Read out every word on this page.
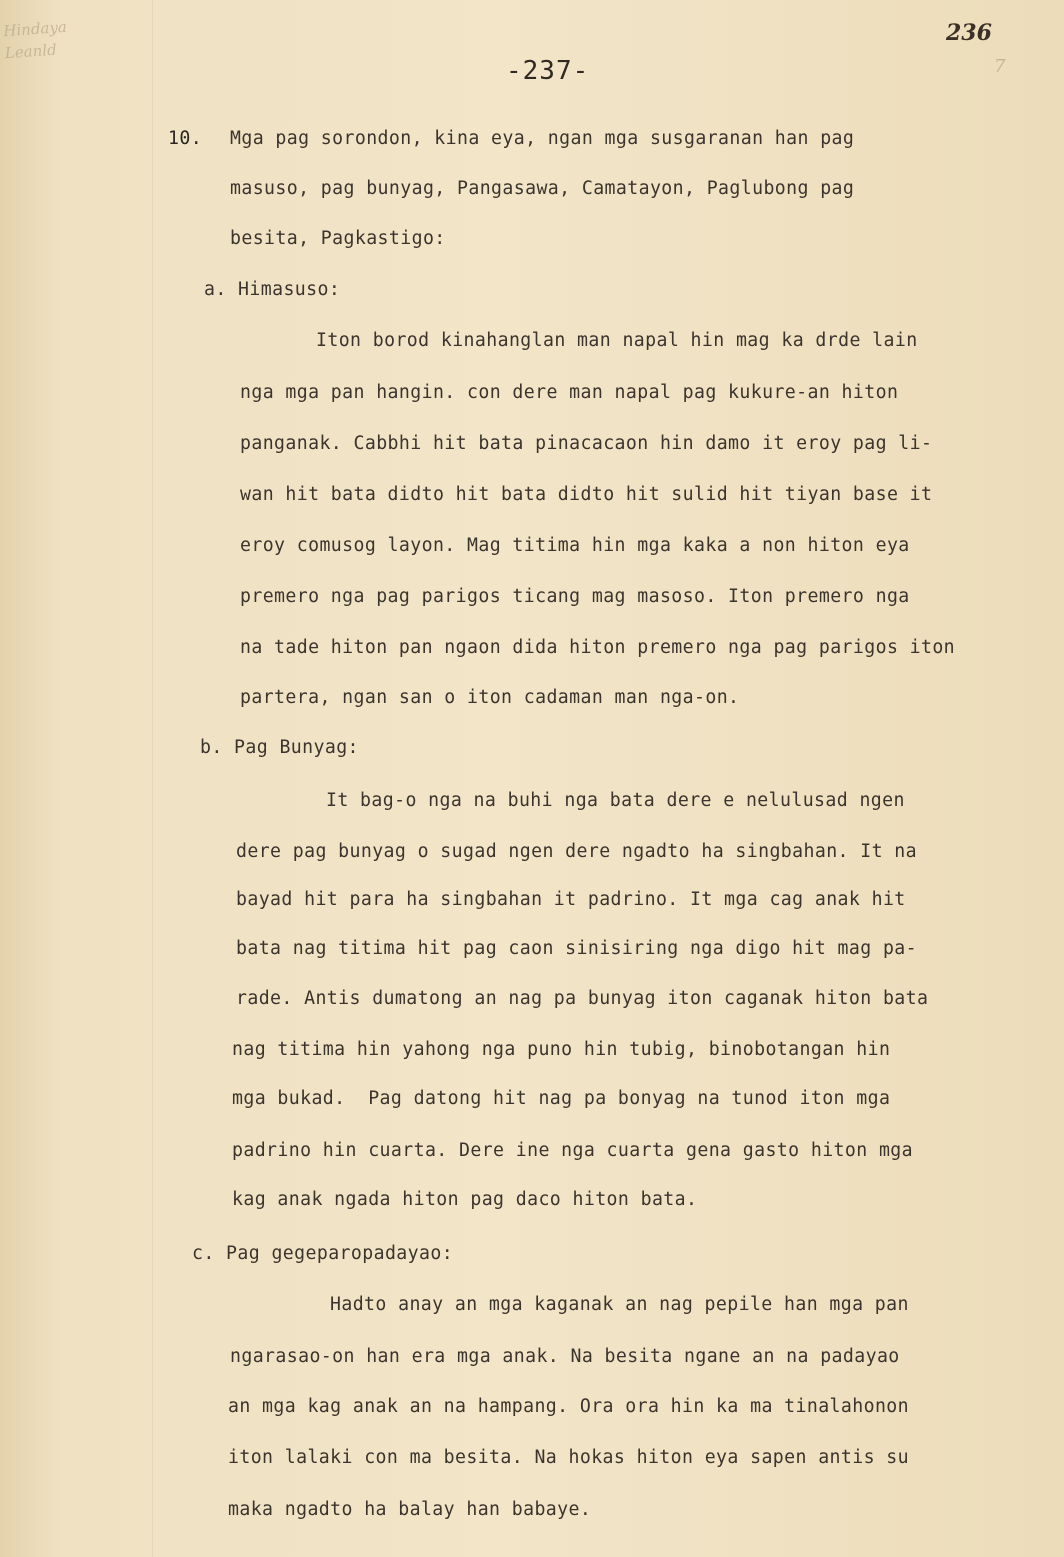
Hindaya
Leanld
-237-
236
7
10. Mga pag sorondon, kina eya, ngan mga susgaranan han pag
masuso, pag bunyag, Pangasawa, Camatayon, Paglubong pag
besita, Pagkastigo:
a. Himasuso:
Iton borod kinahanglan man napal hin mag ka drde lain
nga mga pan hangin. con dere man napal pag kukure-an hiton
panganak. Cabbhi hit bata pinacacaon hin damo it eroy pag li-
wan hit bata didto hit bata didto hit sulid hit tiyan base it
eroy comusog layon. Mag titima hin mga kaka a non hiton eya
premero nga pag parigos ticang mag masoso. Iton premero nga
na tade hiton pan ngaon dida hiton premero nga pag parigos iton
partera, ngan san o iton cadaman man nga-on.
b. Pag Bunyag:
It bag-o nga na buhi nga bata dere e nelulusad ngen
dere pag bunyag o sugad ngen dere ngadto ha singbahan. It na
bayad hit para ha singbahan it padrino. It mga cag anak hit
bata nag titima hit pag caon sinisiring nga digo hit mag pa-
rade. Antis dumatong an nag pa bunyag iton caganak hiton bata
nag titima hin yahong nga puno hin tubig, binobotangan hin
mga bukad.  Pag datong hit nag pa bonyag na tunod iton mga
padrino hin cuarta. Dere ine nga cuarta gena gasto hiton mga
kag anak ngada hiton pag daco hiton bata.
c. Pag gegeparopadayao:
Hadto anay an mga kaganak an nag pepile han mga pan
ngarasao-on han era mga anak. Na besita ngane an na padayao
an mga kag anak an na hampang. Ora ora hin ka ma tinalahonon
iton lalaki con ma besita. Na hokas hiton eya sapen antis su
maka ngadto ha balay han babaye.
